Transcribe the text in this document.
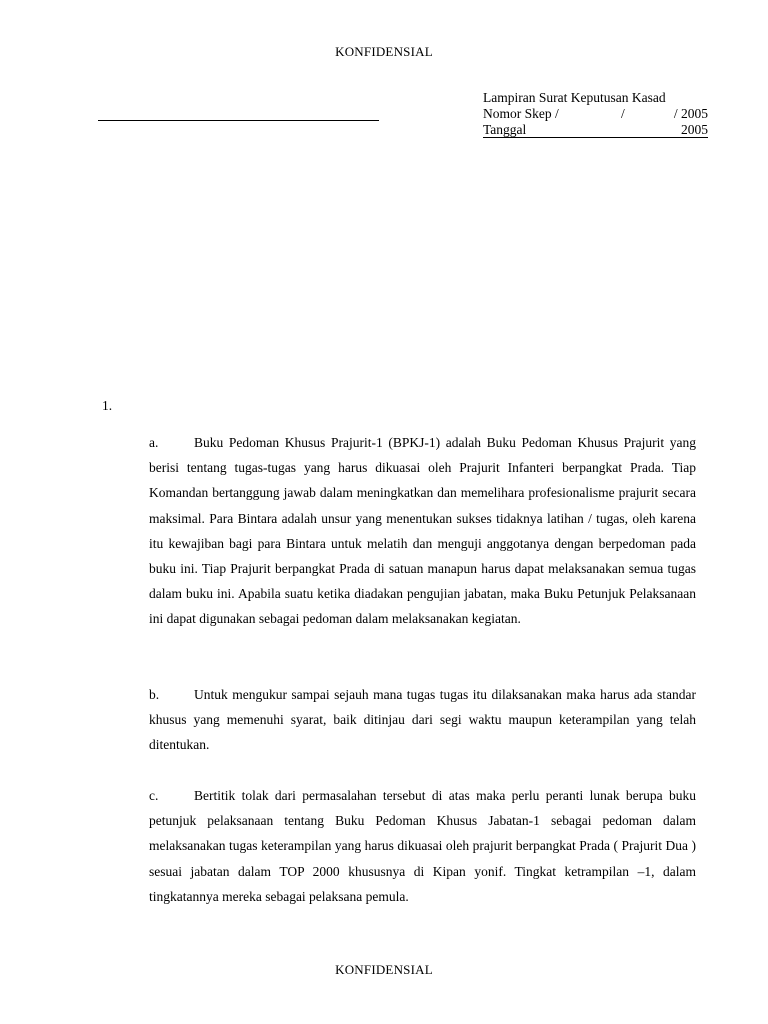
KONFIDENSIAL
Lampiran Surat Keputusan Kasad
Nomor Skep /	/	/ 2005
Tanggal	2005
1.

a.	Buku Pedoman Khusus Prajurit-1 (BPKJ-1) adalah Buku Pedoman Khusus Prajurit yang berisi tentang tugas-tugas yang harus dikuasai oleh Prajurit Infanteri berpangkat Prada. Tiap Komandan bertanggung jawab dalam meningkatkan dan memelihara profesionalisme prajurit secara maksimal. Para Bintara adalah unsur yang menentukan sukses tidaknya latihan / tugas, oleh karena itu kewajiban bagi para Bintara untuk melatih dan menguji anggotanya dengan berpedoman pada buku ini. Tiap Prajurit berpangkat Prada di satuan manapun harus dapat melaksanakan semua tugas dalam buku ini. Apabila suatu ketika diadakan pengujian jabatan, maka Buku Petunjuk Pelaksanaan ini dapat digunakan sebagai pedoman dalam melaksanakan kegiatan.

b.	Untuk mengukur sampai sejauh mana tugas tugas itu dilaksanakan maka harus ada standar khusus yang memenuhi syarat, baik ditinjau dari segi waktu maupun keterampilan yang telah ditentukan.

c.	Bertitik tolak dari permasalahan tersebut di atas maka perlu peranti lunak berupa buku petunjuk pelaksanaan tentang Buku Pedoman Khusus Jabatan-1 sebagai pedoman dalam melaksanakan tugas keterampilan yang harus dikuasai oleh prajurit berpangkat Prada ( Prajurit Dua ) sesuai jabatan dalam TOP 2000 khususnya di Kipan yonif. Tingkat ketrampilan –1, dalam tingkatannya mereka sebagai pelaksana pemula.

KONFIDENSIAL
